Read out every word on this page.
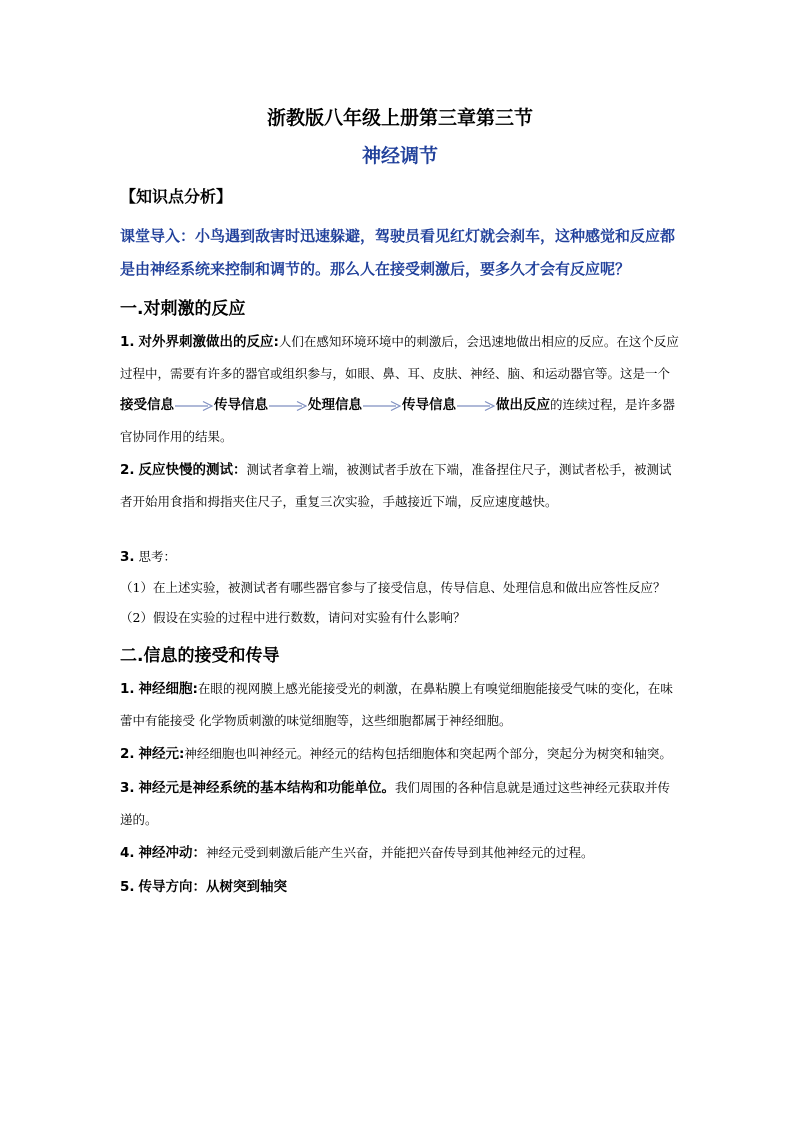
浙教版八年级上册第三章第三节
神经调节
【知识点分析】
课堂导入：小鸟遇到敌害时迅速躲避，驾驶员看见红灯就会刹车，这种感觉和反应都是由神经系统来控制和调节的。那么人在接受刺激后，要多久才会有反应呢？
一.对刺激的反应
1. 对外界刺激做出的反应:人们在感知环境环境中的刺激后，会迅速地做出相应的反应。在这个反应过程中，需要有许多的器官或组织参与，如眼、鼻、耳、皮肤、神经、脑、和运动器官等。这是一个接受信息	传导信息	处理信息	传导信息	做出反应的连续过程，是许多器官协同作用的结果。
2. 反应快慢的测试：测试者拿着上端，被测试者手放在下端，准备捏住尺子，测试者松手，被测试者开始用食指和拇指夹住尺子，重复三次实验，手越接近下端，反应速度越快。
3. 思考：
（1）在上述实验，被测试者有哪些器官参与了接受信息，传导信息、处理信息和做出应答性反应？
（2）假设在实验的过程中进行数数，请问对实验有什么影响？
二.信息的接受和传导
1. 神经细胞:在眼的视网膜上感光能接受光的刺激，在鼻粘膜上有嗅觉细胞能接受气味的变化，在味蕾中有能接受 化学物质刺激的味觉细胞等，这些细胞都属于神经细胞。
2. 神经元:神经细胞也叫神经元。神经元的结构包括细胞体和突起两个部分，突起分为树突和轴突。
3. 神经元是神经系统的基本结构和功能单位。我们周围的各种信息就是通过这些神经元获取并传递的。
4. 神经冲动：神经元受到刺激后能产生兴奋，并能把兴奋传导到其他神经元的过程。
5. 传导方向：从树突到轴突
